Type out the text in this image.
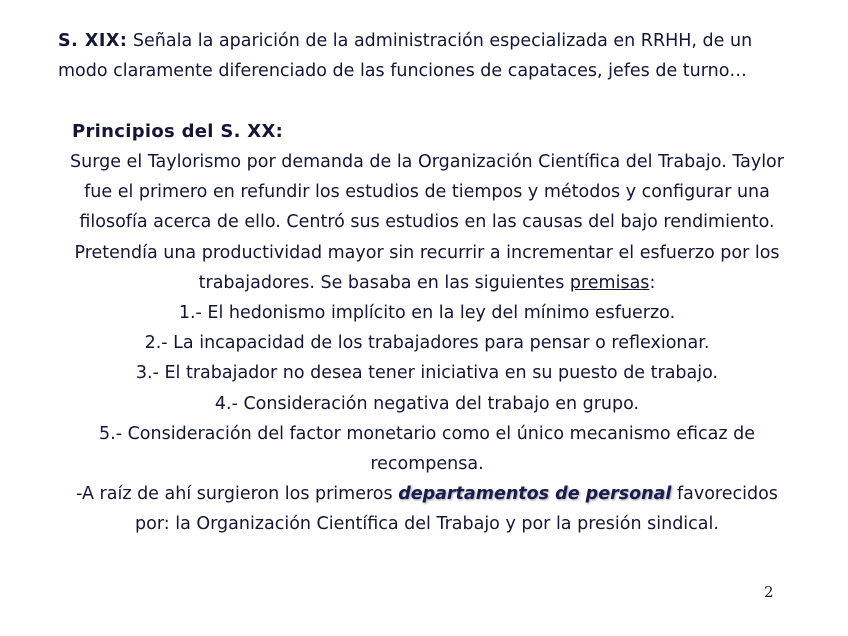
S. XIX: Señala la aparición de la administración especializada en RRHH, de un modo claramente diferenciado de las funciones de capataces, jefes de turno…
Principios del S. XX:

Surge el Taylorismo por demanda de la Organización Científica del Trabajo. Taylor fue el primero en refundir los estudios de tiempos y métodos y configurar una filosofía acerca de ello. Centró sus estudios en las causas del bajo rendimiento. Pretendía una productividad mayor sin recurrir a incrementar el esfuerzo por los trabajadores. Se basaba en las siguientes premisas:

1.- El hedonismo implícito en la ley del mínimo esfuerzo.

2.- La incapacidad de los trabajadores para pensar o reflexionar.

3.- El trabajador no desea tener iniciativa en su puesto de trabajo.

4.- Consideración negativa del trabajo en grupo.

5.- Consideración del factor monetario como el único mecanismo eficaz de recompensa.

-A raíz de ahí surgieron los primeros departamentos de personal favorecidos por: la Organización Científica del Trabajo y por la presión sindical.

2
